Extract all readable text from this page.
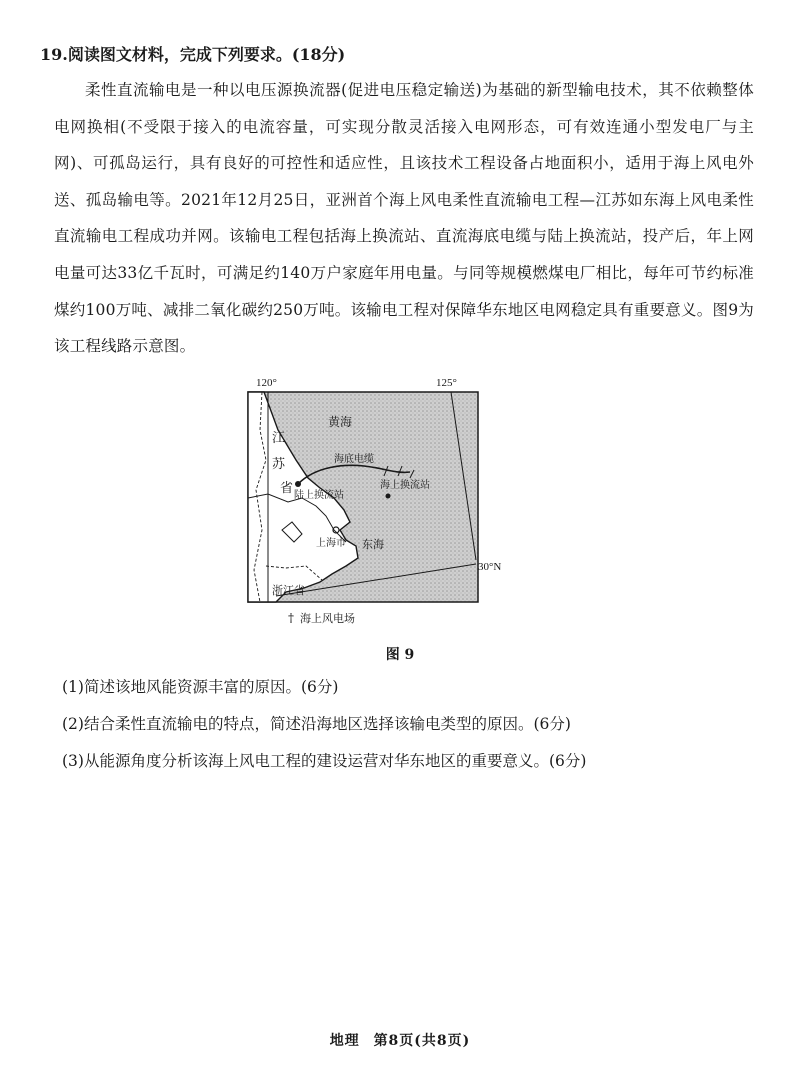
19.阅读图文材料，完成下列要求。(18分)
柔性直流输电是一种以电压源换流器(促进电压稳定输送)为基础的新型输电技术，其不依赖整体电网换相(不受限于接入的电流容量，可实现分散灵活接入电网形态，可有效连通小型发电厂与主网)、可孤岛运行，具有良好的可控性和适应性，且该技术工程设备占地面积小，适用于海上风电外送、孤岛输电等。2021年12月25日，亚洲首个海上风电柔性直流输电工程—江苏如东海上风电柔性直流输电工程成功并网。该输电工程包括海上换流站、直流海底电缆与陆上换流站，投产后，年上网电量可达33亿千瓦时，可满足约140万户家庭年用电量。与同等规模燃煤电厂相比，每年可节约标准煤约100万吨、减排二氧化碳约250万吨。该输电工程对保障华东地区电网稳定具有重要意义。图9为该工程线路示意图。
120°	125°
30°N
黄海
江
苏
省
海底电缆
陆上换流站
海上换流站
上海市 东海
浙江省
† 海上风电场
图 9
(1)简述该地风能资源丰富的原因。(6分)
(2)结合柔性直流输电的特点，简述沿海地区选择该输电类型的原因。(6分)
(3)从能源角度分析该海上风电工程的建设运营对华东地区的重要意义。(6分)
地理 第8页(共8页)
